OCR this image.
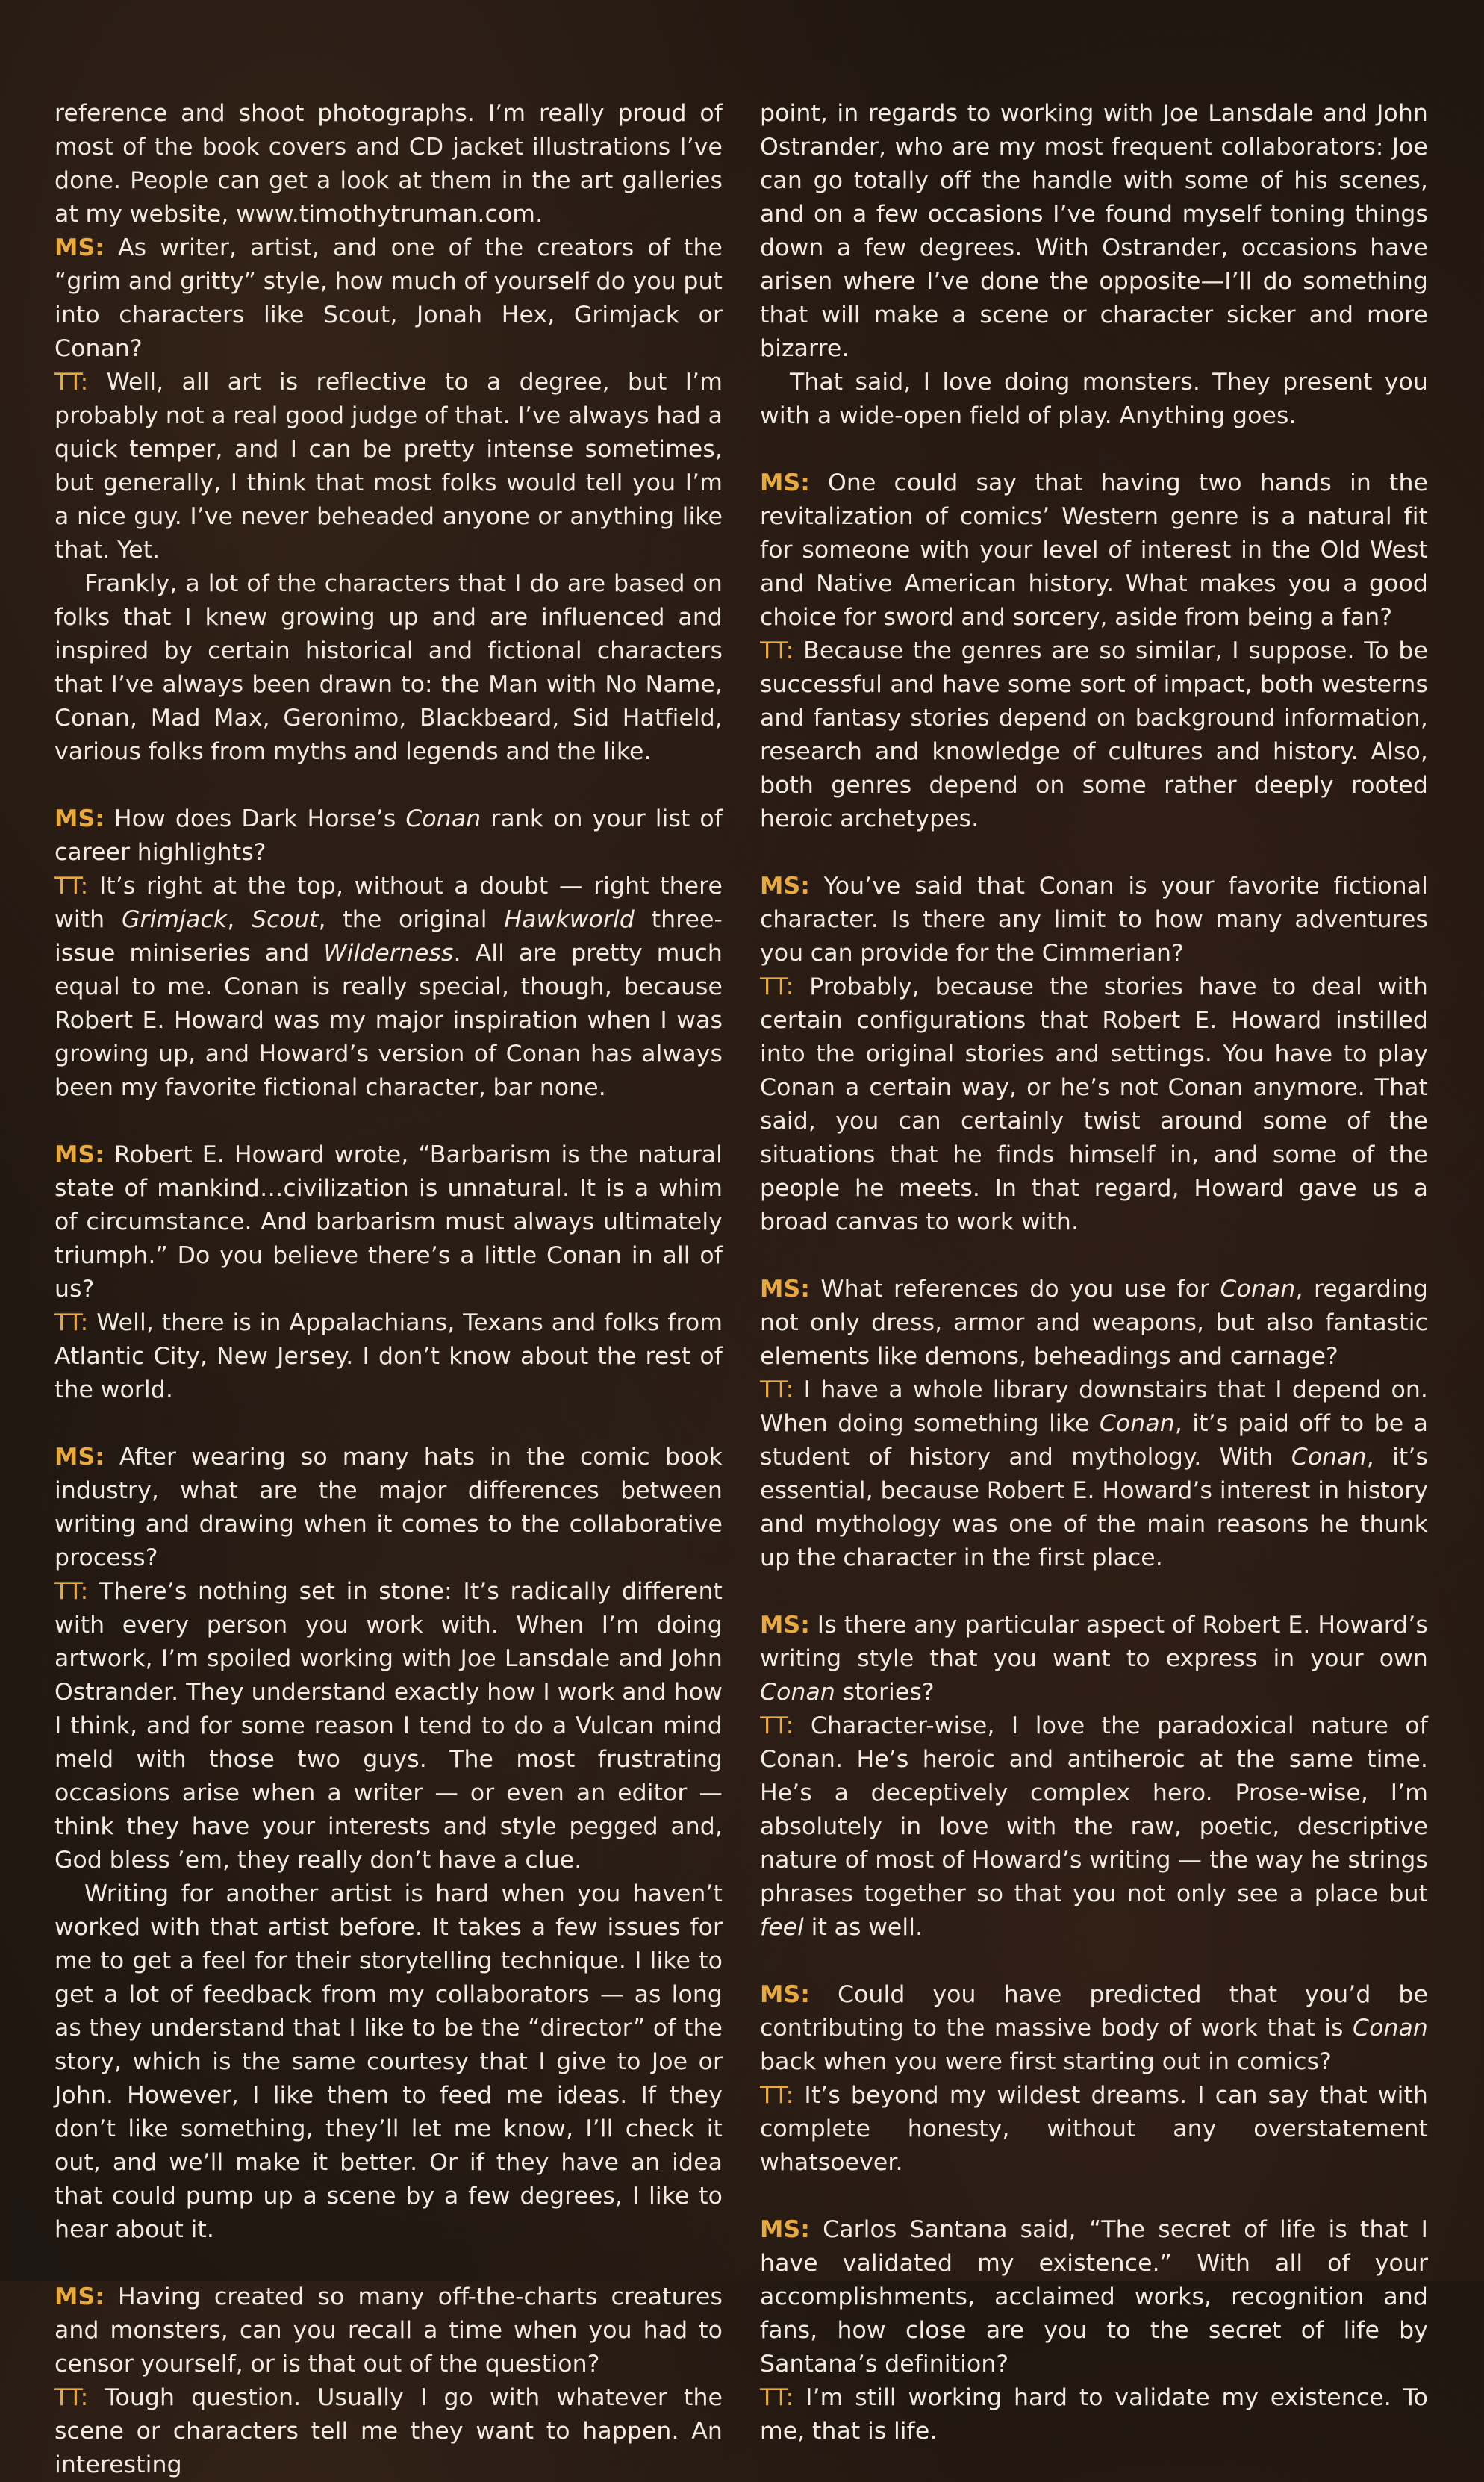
reference and shoot photographs. I’m really proud of most of the book covers and CD jacket illustrations I’ve done. People can get a look at them in the art galleries at my website, www.timothytruman.com.

MS: As writer, artist, and one of the creators of the “grim and gritty” style, how much of yourself do you put into characters like Scout, Jonah Hex, Grimjack or Conan?

TT: Well, all art is reflective to a degree, but I’m probably not a real good judge of that. I’ve always had a quick temper, and I can be pretty intense sometimes, but generally, I think that most folks would tell you I’m a nice guy. I’ve never beheaded anyone or anything like that. Yet.

Frankly, a lot of the characters that I do are based on folks that I knew growing up and are influenced and inspired by certain historical and fictional characters that I’ve always been drawn to: the Man with No Name, Conan, Mad Max, Geronimo, Blackbeard, Sid Hatfield, various folks from myths and legends and the like.

MS: How does Dark Horse’s Conan rank on your list of career highlights?

TT: It’s right at the top, without a doubt — right there with Grimjack, Scout, the original Hawkworld three-issue miniseries and Wilderness. All are pretty much equal to me. Conan is really special, though, because Robert E. Howard was my major inspiration when I was growing up, and Howard’s version of Conan has always been my favorite fictional character, bar none.

MS: Robert E. Howard wrote, “Barbarism is the natural state of mankind…civilization is unnatural. It is a whim of circumstance. And barbarism must always ultimately triumph.” Do you believe there’s a little Conan in all of us?

TT: Well, there is in Appalachians, Texans and folks from Atlantic City, New Jersey. I don’t know about the rest of the world.

MS: After wearing so many hats in the comic book industry, what are the major differences between writing and drawing when it comes to the collaborative process?

TT: There’s nothing set in stone: It’s radically different with every person you work with. When I’m doing artwork, I’m spoiled working with Joe Lansdale and John Ostrander. They understand exactly how I work and how I think, and for some reason I tend to do a Vulcan mind meld with those two guys. The most frustrating occasions arise when a writer — or even an editor — think they have your interests and style pegged and, God bless ’em, they really don’t have a clue.

Writing for another artist is hard when you haven’t worked with that artist before. It takes a few issues for me to get a feel for their storytelling technique. I like to get a lot of feedback from my collaborators — as long as they understand that I like to be the “director” of the story, which is the same courtesy that I give to Joe or John. However, I like them to feed me ideas. If they don’t like something, they’ll let me know, I’ll check it out, and we’ll make it better. Or if they have an idea that could pump up a scene by a few degrees, I like to hear about it.

MS: Having created so many off-the-charts creatures and monsters, can you recall a time when you had to censor yourself, or is that out of the question?

TT: Tough question. Usually I go with whatever the scene or characters tell me they want to happen. An interesting

point, in regards to working with Joe Lansdale and John Ostrander, who are my most frequent collaborators: Joe can go totally off the handle with some of his scenes, and on a few occasions I’ve found myself toning things down a few degrees. With Ostrander, occasions have arisen where I’ve done the opposite—I’ll do something that will make a scene or character sicker and more bizarre.

That said, I love doing monsters. They present you with a wide-open field of play. Anything goes.

MS: One could say that having two hands in the revitalization of comics’ Western genre is a natural fit for someone with your level of interest in the Old West and Native American history. What makes you a good choice for sword and sorcery, aside from being a fan?

TT: Because the genres are so similar, I suppose. To be successful and have some sort of impact, both westerns and fantasy stories depend on background information, research and knowledge of cultures and history. Also, both genres depend on some rather deeply rooted heroic archetypes.

MS: You’ve said that Conan is your favorite fictional character. Is there any limit to how many adventures you can provide for the Cimmerian?

TT: Probably, because the stories have to deal with certain configurations that Robert E. Howard instilled into the original stories and settings. You have to play Conan a certain way, or he’s not Conan anymore. That said, you can certainly twist around some of the situations that he finds himself in, and some of the people he meets. In that regard, Howard gave us a broad canvas to work with.

MS: What references do you use for Conan, regarding not only dress, armor and weapons, but also fantastic elements like demons, beheadings and carnage?

TT: I have a whole library downstairs that I depend on. When doing something like Conan, it’s paid off to be a student of history and mythology. With Conan, it’s essential, because Robert E. Howard’s interest in history and mythology was one of the main reasons he thunk up the character in the first place.

MS: Is there any particular aspect of Robert E. Howard’s writing style that you want to express in your own Conan stories?

TT: Character-wise, I love the paradoxical nature of Conan. He’s heroic and antiheroic at the same time. He’s a deceptively complex hero. Prose-wise, I’m absolutely in love with the raw, poetic, descriptive nature of most of Howard’s writing — the way he strings phrases together so that you not only see a place but feel it as well.

MS: Could you have predicted that you’d be contributing to the massive body of work that is Conan back when you were first starting out in comics?

TT: It’s beyond my wildest dreams. I can say that with complete honesty, without any overstatement whatsoever.

MS: Carlos Santana said, “The secret of life is that I have validated my existence.” With all of your accomplishments, acclaimed works, recognition and fans, how close are you to the secret of life by Santana’s definition?

TT: I’m still working hard to validate my existence. To me, that is life.
